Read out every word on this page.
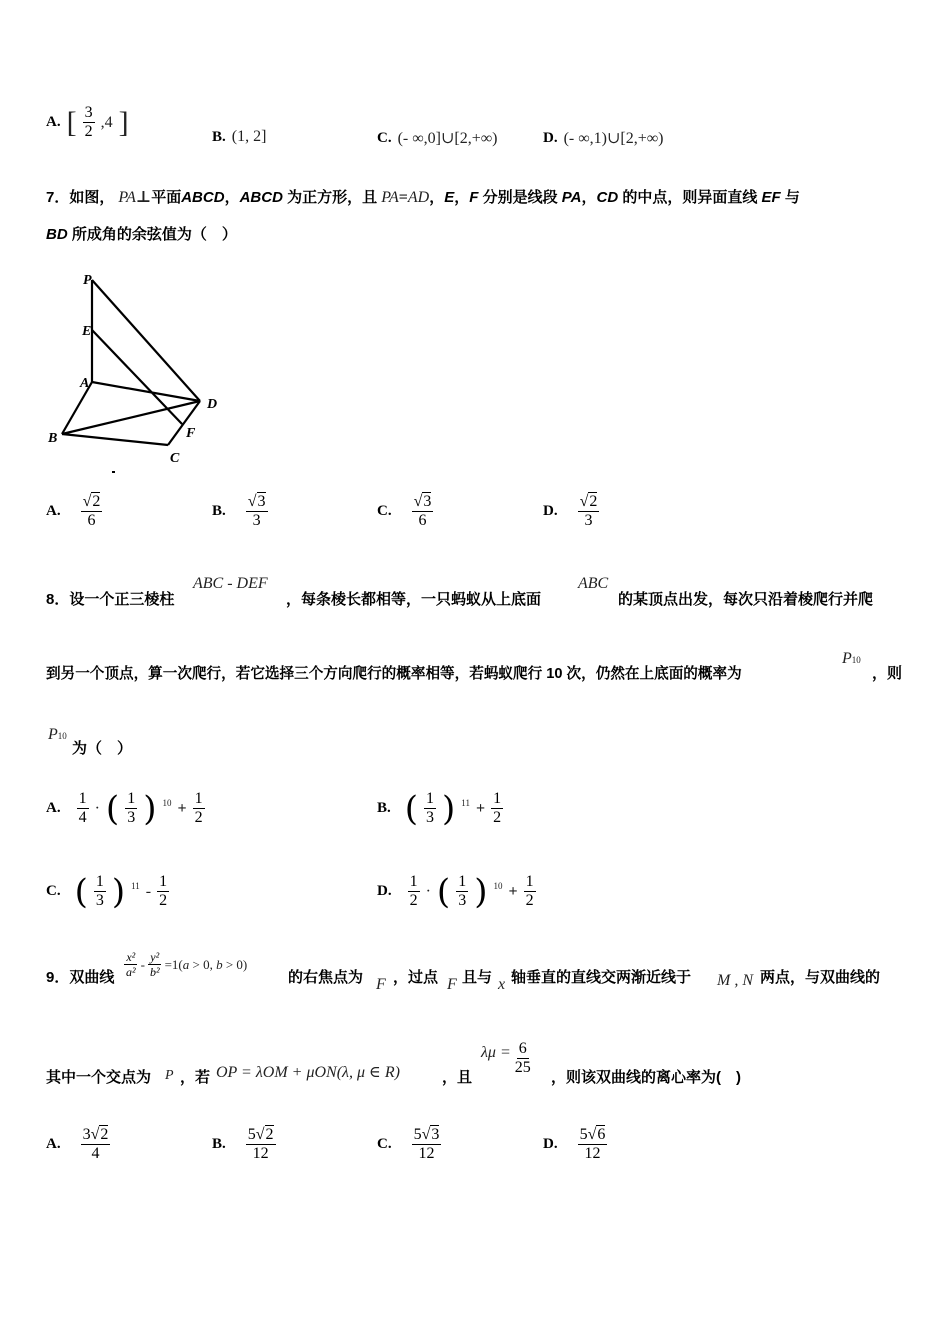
A. [ $\frac{3}{2} ,4$ ]	B. (1, 2]	C. (- ∞,0]∪[2,+∞)	D. (- ∞,1)∪[2,+∞)
7．如图， PA⊥平面ABCD，ABCD 为正方形，且 PA=AD，E，F 分别是线段 PA，CD 的中点，则异面直线 EF 与
BD 所成角的余弦值为（　）
P
E
A
D
B	F
C
A. $\frac{√2}{6}$	B. $\frac{√3}{3}$	C. $\frac{√3}{6}$	D. $\frac{√2}{3}$
8．设一个正三棱柱
ABC - DEF
，每条棱长都相等，一只蚂蚁从上底面
ABC
的某顶点出发，每次只沿着棱爬行并爬
到另一个顶点，算一次爬行，若它选择三个方向爬行的概率相等，若蚂蚁爬行 10 次，仍然在上底面的概率为
P10
，则
P10
为（　）
A. $\frac{1}{4}$ · ( $\frac{1}{3}$ ) $10 + \frac{1}{2}$	B. ( $\frac{1}{3}$ ) $11 + \frac{1}{2}$
C. ( $\frac{1}{3}$ ) $11 - \frac{1}{2}$	D. $\frac{1}{2}$ · ( $\frac{1}{3}$ ) $10 + \frac{1}{2}$
9．双曲线 $\frac{\text{x²}}{\text{a²}} - \frac{\text{y²}}{\text{b²}} =1(a > 0$, b > 0)
的右焦点为 F ，过点 F 且与 x 轴垂直的直线交两渐近线于 M , N 两点，与双曲线的
其中一个交点为 P ，若 OP = λOM + μON(λ, μ ∈ R)	，且
$\lambda\mu = \frac{6}{25}$
，则该双曲线的离心率为(　)
A. $\frac{3√2}{4}$	B. $\frac{5√2}{12}$	C. $\frac{5√3}{12}$	D. $\frac{5√6}{12}$
